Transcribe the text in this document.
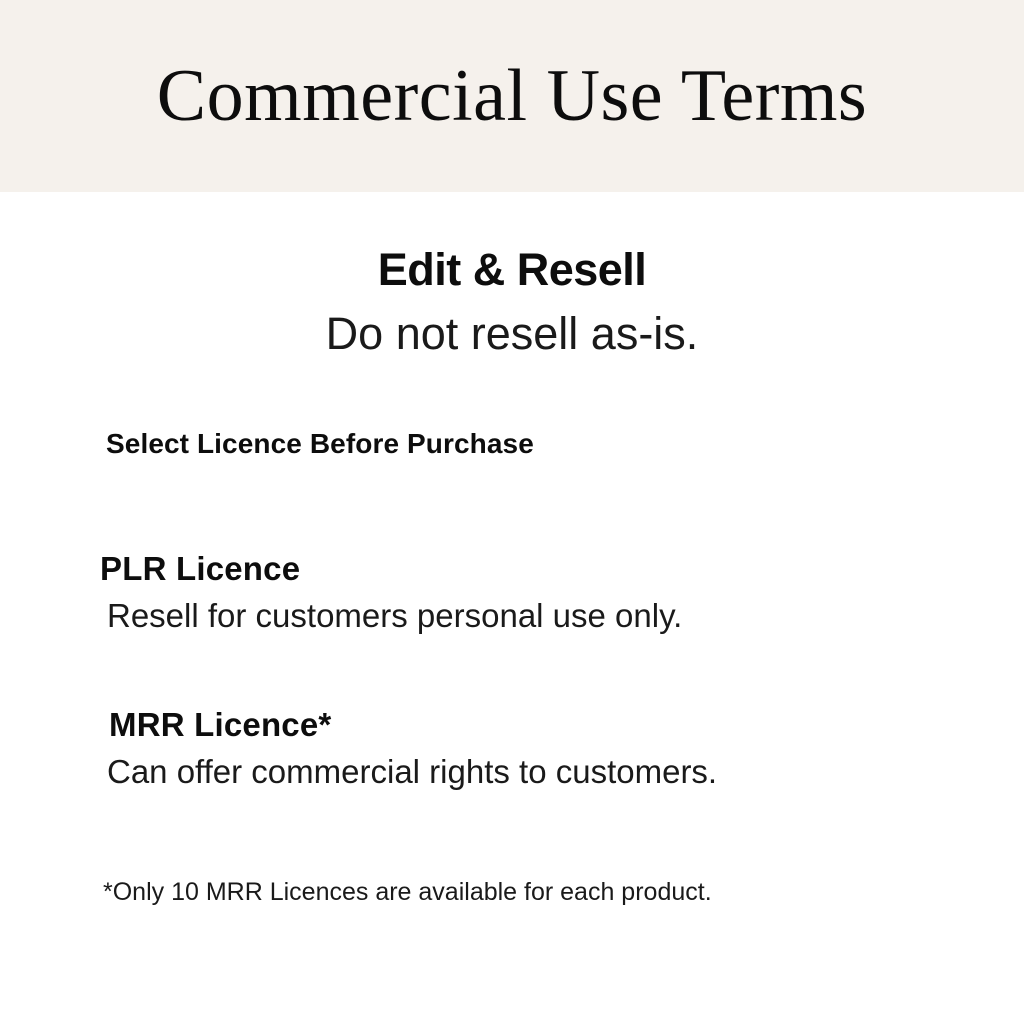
Commercial Use Terms
Edit & Resell
Do not resell as-is.
Select Licence Before Purchase
PLR Licence
Resell for customers personal use only.
MRR Licence*
Can offer commercial rights to customers.
*Only 10 MRR Licences are available for each product.
